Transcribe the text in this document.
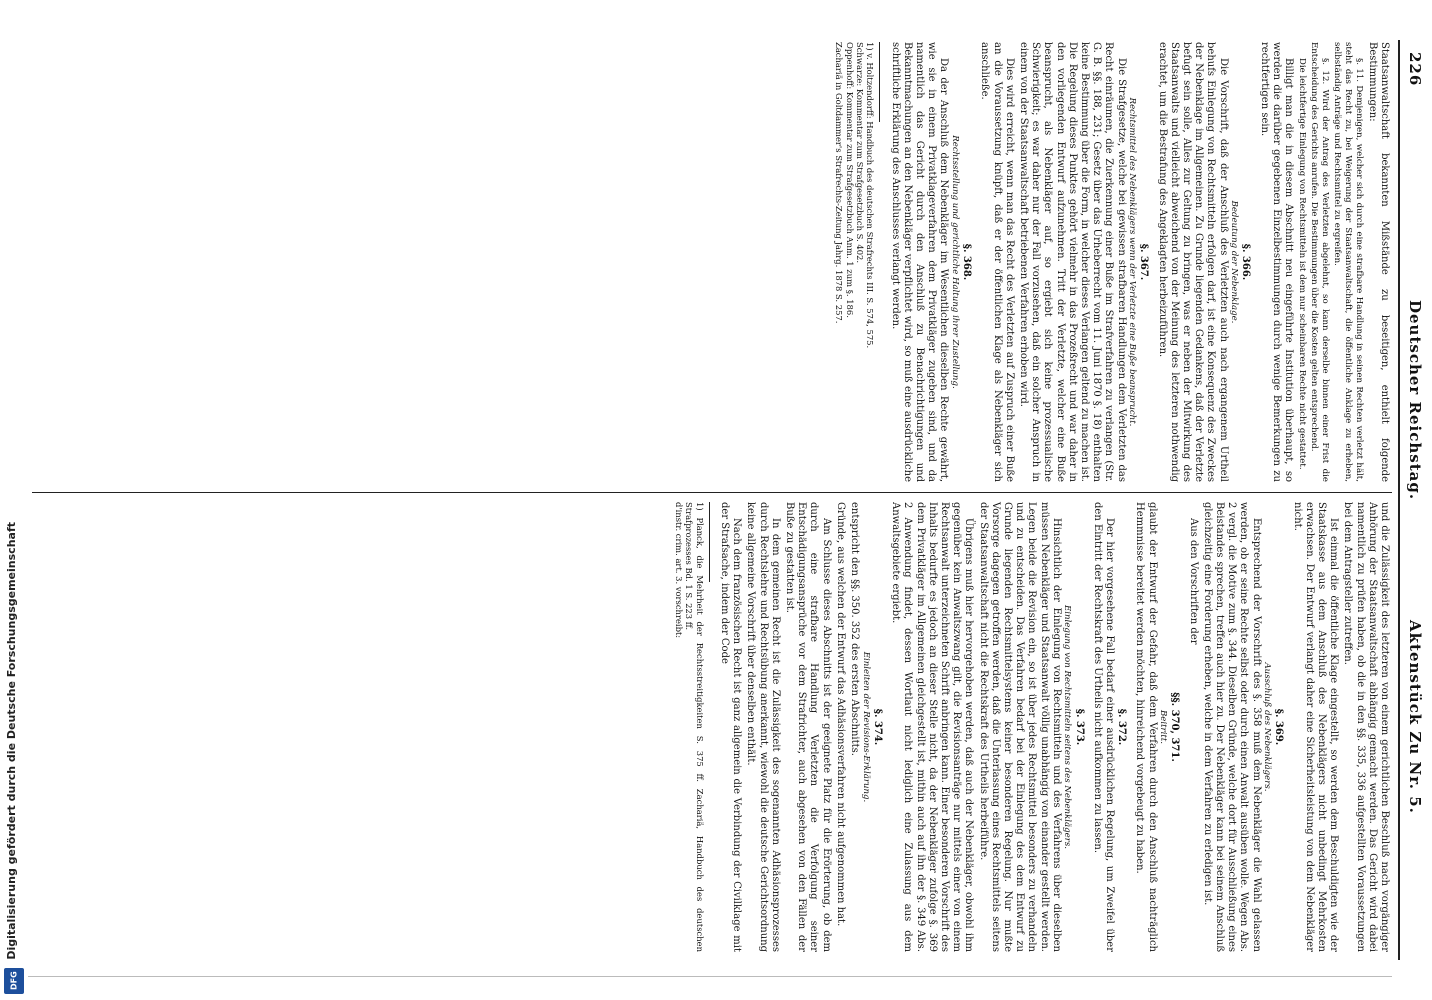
226
Deutscher Reichstag.
Aktenstück Zu Nr. 5.

Staatsanwaltschaft bekannten Mißstände zu beseitigen, enthielt folgende Bestimmungen:

§. 11. Demjenigen, welcher sich durch eine strafbare Handlung in seinen Rechten verletzt hält, steht das Recht zu, bei Weigerung der Staatsanwaltschaft, die öffentliche Anklage zu erheben, selbständig Anträge und Rechtsmittel zu ergreifen.

§. 12. Wird der Antrag des Verletzten abgelehnt, so kann derselbe binnen einer Frist die Entscheidung des Gerichts anrufen. Die Bestimmungen über die Kosten gelten entsprechend.

Die leichtfertige Einlegung von Rechtsmitteln ist dem nur scheinbaren Rechte nicht gestattet.

Billigt man die in diesem Abschnitt neu eingeführte Institution überhaupt, so werden die darüber gegebenen Einzelbestimmungen durch wenige Bemerkungen zu rechtfertigen sein.

§. 366.
Bedeutung der Nebenklage.

Die Vorschrift, daß der Anschluß des Verletzten auch nach ergangenem Urtheil behufs Einlegung von Rechtsmitteln erfolgen darf, ist eine Konsequenz des Zweckes der Nebenklage im Allgemeinen. Zu Grunde liegenden Gedankens, daß der Verletzte befugt sein solle, Alles zur Geltung zu bringen, was er neben der Mitwirkung des Staatsanwalts und vielleicht abweichend von der Meinung des letzteren nothwendig erachtet, um die Bestrafung des Angeklagten herbeizuführen.

§. 367.
Rechtsmittel des Nebenklägers wenn der Verletzte eine Buße beansprucht.

Die Strafgesetze, welche bei gewissen strafbaren Handlungen dem Verletzten das Recht einräumen, die Zuerkennung einer Buße im Strafverfahren zu verlangen (Str. G. B. §§. 188, 231; Gesetz über das Urheberrecht vom 11. Juni 1870 §. 18) enthalten keine Bestimmung über die Form, in welcher dieses Verlangen geltend zu machen ist. Die Regelung dieses Punktes gehört vielmehr in das Prozeßrecht und war daher in den vorliegenden Entwurf aufzunehmen. Tritt der Verletzte, welcher eine Buße beansprucht, als Nebenkläger auf, so ergiebt sich keine prozessualische Schwierigkeit; es war daher nur der Fall vorzusehen, daß ein solcher Anspruch in einem von der Staatsanwaltschaft betriebenen Verfahren erhoben wird.

Dies wird erreicht, wenn man das Recht des Verletzten auf Zuspruch einer Buße an die Voraussetzung knüpft, daß er der öffentlichen Klage als Nebenkläger sich anschließe.

§. 368.
Rechtsstellung und gerichtliche Haltung ihrer Zustellung.

Da der Anschluß dem Nebenkläger im Wesentlichen dieselben Rechte gewährt, wie sie in einem Privatklageverfahren dem Privatkläger zugeben sind, und da namentlich das Gericht durch den Anschluß zu Benachrichtigungen und Bekanntmachungen an den Nebenkläger verpflichtet wird, so muß eine ausdrückliche schriftliche Erklärung des Anschlusses verlangt werden.

1) v. Holtzendorff: Handbuch des deutschen Strafrechts III. S. 574, 575.
Schwarze: Kommentar zum Strafgesetzbuch S. 402.
Oppenhoff: Kommentar zum Strafgesetzbuch Anm. 1 zum §. 186.
Zachariä in Goltdammer's Strafrechts-Zeitung Jahrg. 1878 S. 257.

und die Zulässigkeit des letzteren von einem gerichtlichen Beschluß nach vorgängiger Anhörung der Staatsanwaltschaft abhängig gemacht werden. Das Gericht wird dabei namentlich zu prüfen haben, ob die in den §§. 335, 336 aufgestellten Voraussetzungen bei dem Antragsteller zutreffen.

Ist einmal die öffentliche Klage eingestellt, so werden dem Beschuldigten wie der Staatskasse aus dem Anschluß des Nebenklägers nicht unbedingt Mehrkosten erwachsen. Der Entwurf verlangt daher eine Sicherheitsleistung von dem Nebenkläger nicht.

§. 369.
Ausschluß des Nebenklägers.

Entsprechend der Vorschrift des §. 358 muß dem Nebenkläger die Wahl gelassen werden, ob er seine Rechte selbst oder durch einen Anwalt ausüben wolle. Wegen Abs. 2 vergl. die Motive zum §. 344. Dieselben Gründe, welche dort für Ausschließung eines Beistandes sprechen, treffen auch hier zu. Der Nebenkläger kann bei seinem Anschluß gleichzeitig eine Forderung erheben, welche in dem Verfahren zu erledigen ist.

Aus den Vorschriften der

§§. 370, 371.
Beitritt.

glaubt der Entwurf der Gefahr, daß dem Verfahren durch den Anschluß nachträglich Hemmnisse bereitet werden möchten, hinreichend vorgebeugt zu haben.

§. 372.

Der hier vorgesehene Fall bedarf einer ausdrücklichen Regelung, um Zweifel über den Eintritt der Rechtskraft des Urtheils nicht aufkommen zu lassen.

§. 373.
Einlegung von Rechtsmitteln seitens des Nebenklägers.

Hinsichtlich der Einlegung von Rechtsmitteln und des Verfahrens über dieselben müssen Nebenkläger und Staatsanwalt völlig unabhängig von einander gestellt werden. Legen beide die Revision ein, so ist über jedes Rechtsmittel besonders zu verhandeln und zu entscheiden. Das Verfahren bedarf bei der Einlegung des dem Entwurf zu Grunde liegenden Rechtsmittelsystems keiner besonderen Regelung. Nur mußte Vorsorge dagegen getroffen werden, daß die Unterlassung eines Rechtsmittels seitens der Staatsanwaltschaft nicht die Rechtskraft des Urtheils herbeiführe.

Übrigens muß hier hervorgehoben werden, daß auch der Nebenkläger, obwohl ihm gegenüber kein Anwaltszwang gilt, die Revisionsanträge nur mittels einer von einem Rechtsanwalt unterzeichneten Schrift anbringen kann. Einer besonderen Vorschrift des Inhalts bedurfte es jedoch an dieser Stelle nicht, da der Nebenkläger zufolge §. 369 dem Privatkläger im Allgemeinen gleichgestellt ist, mithin auch auf ihn der §. 349 Abs. 2 Anwendung findet, dessen Wortlaut nicht lediglich eine Zulassung aus dem Anwaltsgebiete ergiebt.

§. 374.
Einleiten der Revisions-Erklärung.

entspricht den §§. 350. 352 des ersten Abschnitts.

Gründe, aus welchen der Entwurf das Adhäsionsverfahren nicht aufgenommen hat.

Am Schlusse dieses Abschnitts ist der geeignete Platz für die Erörterung, ob dem durch eine strafbare Handlung Verletzten die Verfolgung seiner Entschädigungsansprüche vor dem Strafrichter, auch abgesehen von den Fällen der Buße zu gestatten ist.

In dem gemeinen Recht ist die Zulässigkeit des sogenannten Adhäsionsprozesses durch Rechtslehre und Rechtsübung anerkannt, wiewohl die deutsche Gerichtsordnung keine allgemeine Vorschrift über denselben enthält.

Nach dem französischen Recht ist ganz allgemein die Verbindung der Civilklage mit der Strafsache, indem der Code

1) Planck, die Mehrheit der Rechtsstreitigkeiten S. 375 ff. Zachariä, Handbuch des deutschen Strafprozesses Bd. 1 S. 223 ff.
d'instr. crim. art. 3. vorschreibt:
Digitalisierung gefördert durch die Deutsche Forschungsgemeinschaft
DFG
